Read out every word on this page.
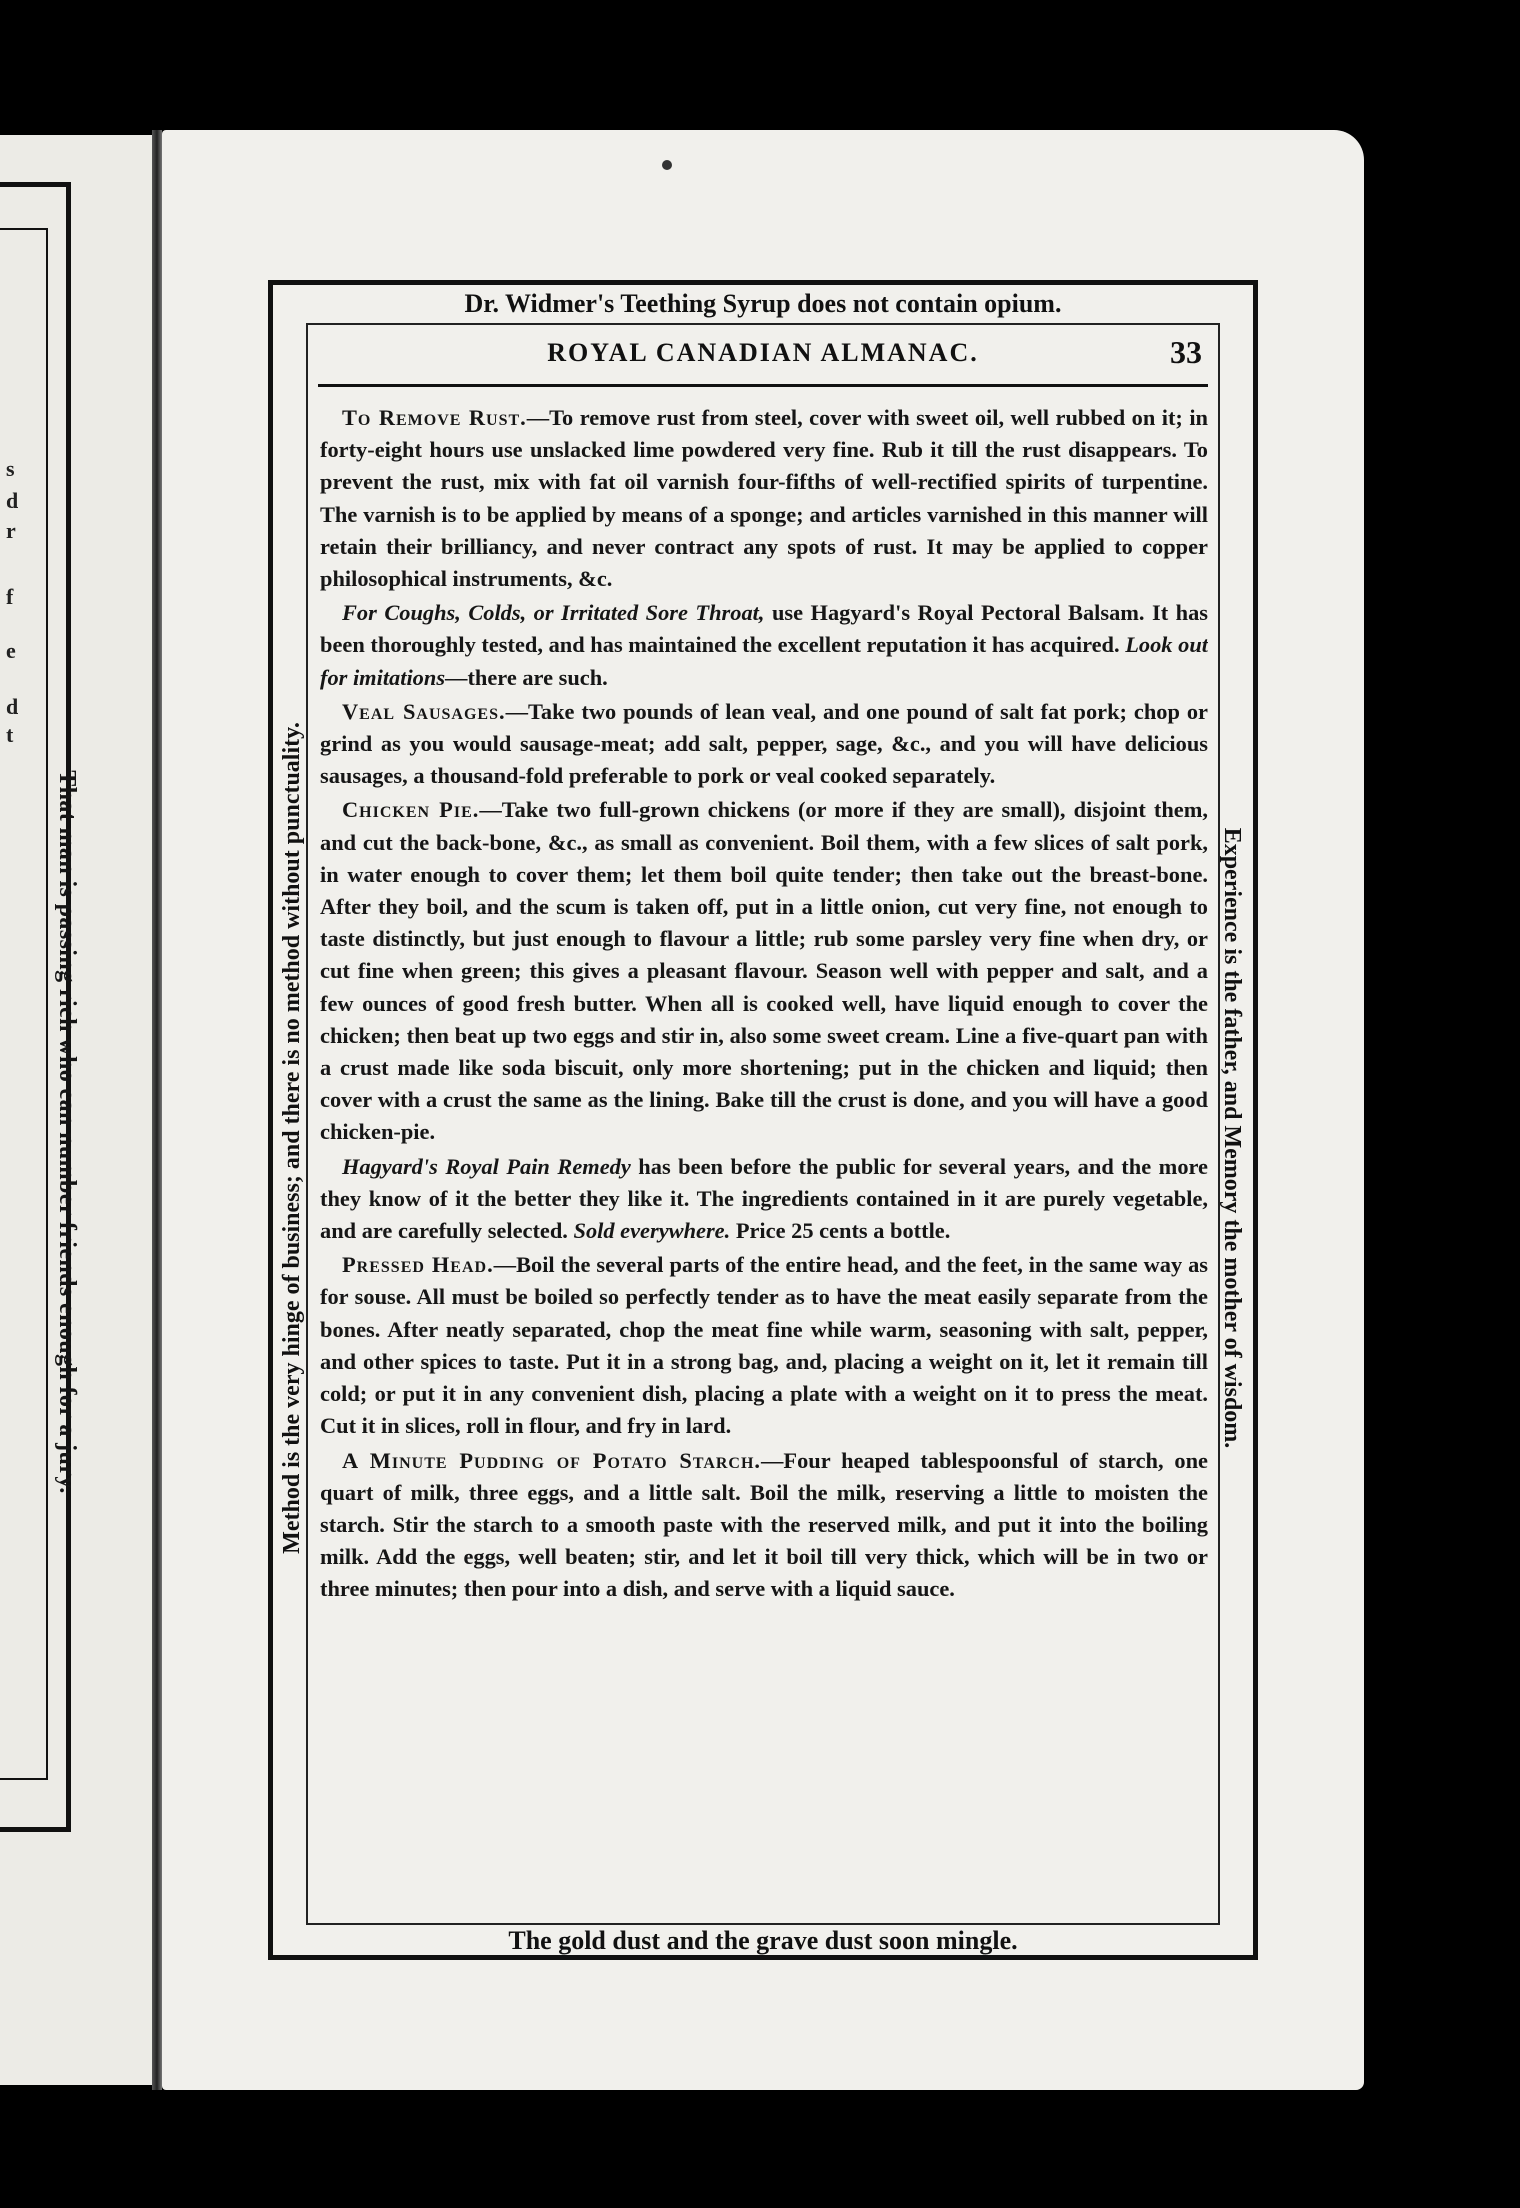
s
d
r
f
e
d
t
That man is passing rich who can number friends enough for a jury.
Dr. Widmer's Teething Syrup does not contain opium.
The gold dust and the grave dust soon mingle.
Method is the very hinge of business; and there is no method without punctuality.	Experience is the father, and Memory the mother of wisdom.
ROYAL CANADIAN ALMANAC.	33

To Remove Rust.—To remove rust from steel, cover with sweet oil, well rubbed on it; in forty-eight hours use unslacked lime powdered very fine. Rub it till the rust disappears. To prevent the rust, mix with fat oil varnish four-fifths of well-rectified spirits of turpentine. The varnish is to be applied by means of a sponge; and articles varnished in this manner will retain their brilliancy, and never contract any spots of rust. It may be applied to copper philosophical instruments, &c.

For Coughs, Colds, or Irritated Sore Throat, use Hagyard's Royal Pectoral Balsam. It has been thoroughly tested, and has maintained the excellent reputation it has acquired. Look out for imitations—there are such.

Veal Sausages.—Take two pounds of lean veal, and one pound of salt fat pork; chop or grind as you would sausage-meat; add salt, pepper, sage, &c., and you will have delicious sausages, a thousand-fold preferable to pork or veal cooked separately.

Chicken Pie.—Take two full-grown chickens (or more if they are small), disjoint them, and cut the back-bone, &c., as small as convenient. Boil them, with a few slices of salt pork, in water enough to cover them; let them boil quite tender; then take out the breast-bone. After they boil, and the scum is taken off, put in a little onion, cut very fine, not enough to taste distinctly, but just enough to flavour a little; rub some parsley very fine when dry, or cut fine when green; this gives a pleasant flavour. Season well with pepper and salt, and a few ounces of good fresh butter. When all is cooked well, have liquid enough to cover the chicken; then beat up two eggs and stir in, also some sweet cream. Line a five-quart pan with a crust made like soda biscuit, only more shortening; put in the chicken and liquid; then cover with a crust the same as the lining. Bake till the crust is done, and you will have a good chicken-pie.

Hagyard's Royal Pain Remedy has been before the public for several years, and the more they know of it the better they like it. The ingredients contained in it are purely vegetable, and are carefully selected. Sold everywhere. Price 25 cents a bottle.

Pressed Head.—Boil the several parts of the entire head, and the feet, in the same way as for souse. All must be boiled so perfectly tender as to have the meat easily separate from the bones. After neatly separated, chop the meat fine while warm, seasoning with salt, pepper, and other spices to taste. Put it in a strong bag, and, placing a weight on it, let it remain till cold; or put it in any convenient dish, placing a plate with a weight on it to press the meat. Cut it in slices, roll in flour, and fry in lard.

A Minute Pudding of Potato Starch.—Four heaped tablespoonsful of starch, one quart of milk, three eggs, and a little salt. Boil the milk, reserving a little to moisten the starch. Stir the starch to a smooth paste with the reserved milk, and put it into the boiling milk. Add the eggs, well beaten; stir, and let it boil till very thick, which will be in two or three minutes; then pour into a dish, and serve with a liquid sauce.
